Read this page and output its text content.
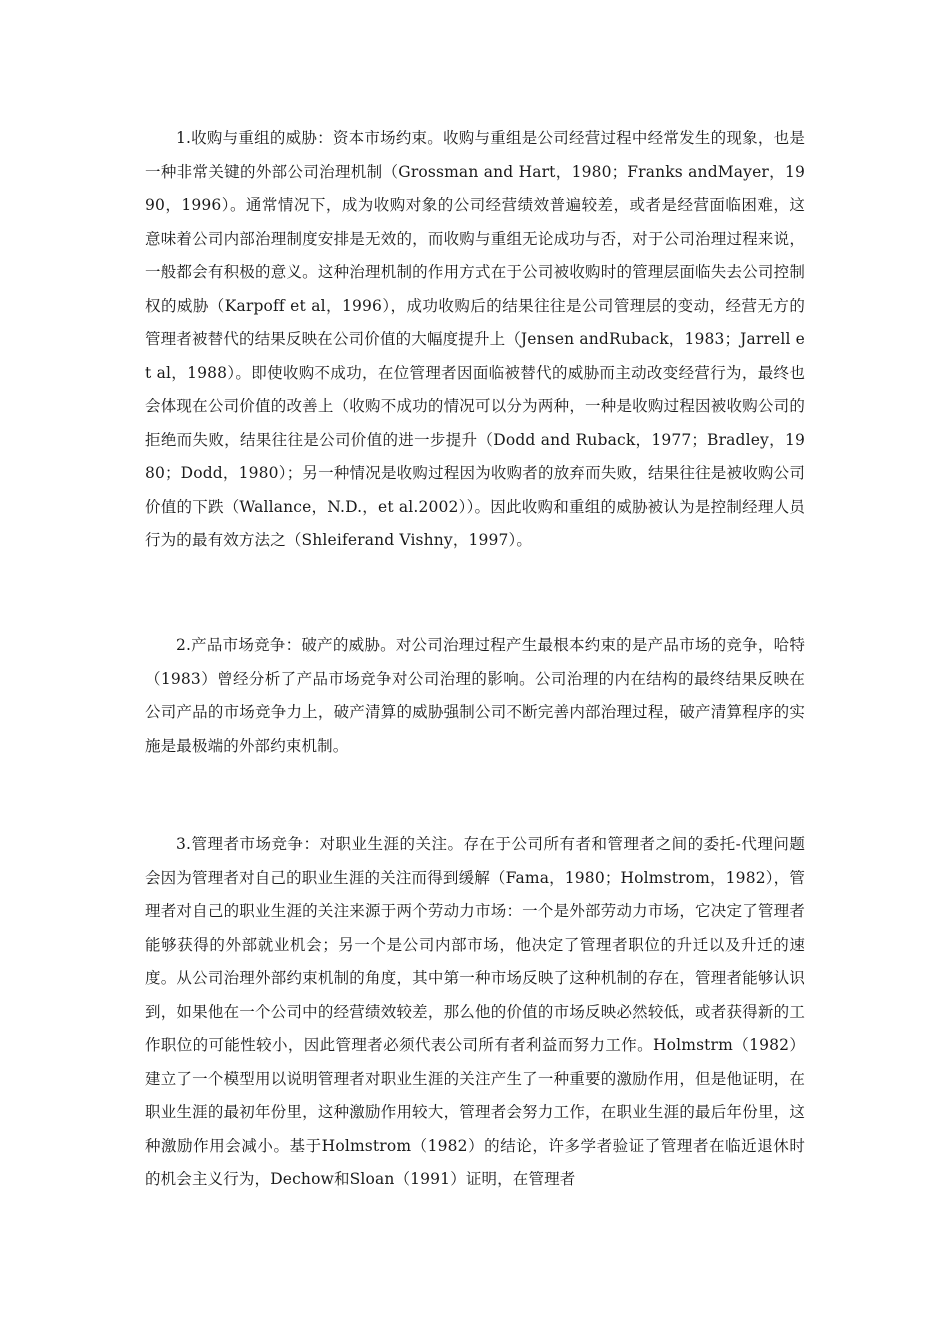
1.收购与重组的威胁：资本市场约束。收购与重组是公司经营过程中经常发生的现象，也是一种非常关键的外部公司治理机制（Grossman and Hart，1980；Franks andMayer，1990，1996）。通常情况下，成为收购对象的公司经营绩效普遍较差，或者是经营面临困难，这意味着公司内部治理制度安排是无效的，而收购与重组无论成功与否，对于公司治理过程来说，一般都会有积极的意义。这种治理机制的作用方式在于公司被收购时的管理层面临失去公司控制权的威胁（Karpoff et al，1996），成功收购后的结果往往是公司管理层的变动，经营无方的管理者被替代的结果反映在公司价值的大幅度提升上（Jensen andRuback，1983；Jarrell et al，1988）。即使收购不成功，在位管理者因面临被替代的威胁而主动改变经营行为，最终也会体现在公司价值的改善上（收购不成功的情况可以分为两种，一种是收购过程因被收购公司的拒绝而失败，结果往往是公司价值的进一步提升（Dodd and Ruback，1977；Bradley，1980；Dodd，1980）；另一种情况是收购过程因为收购者的放弃而失败，结果往往是被收购公司价值的下跌（Wallance，N.D.，et al.2002））。因此收购和重组的威胁被认为是控制经理人员行为的最有效方法之（Shleiferand Vishny，1997）。
2.产品市场竞争：破产的威胁。对公司治理过程产生最根本约束的是产品市场的竞争，哈特（1983）曾经分析了产品市场竞争对公司治理的影响。公司治理的内在结构的最终结果反映在公司产品的市场竞争力上，破产清算的威胁强制公司不断完善内部治理过程，破产清算程序的实施是最极端的外部约束机制。
3.管理者市场竞争：对职业生涯的关注。存在于公司所有者和管理者之间的委托-代理问题会因为管理者对自己的职业生涯的关注而得到缓解（Fama，1980；Holmstrom，1982），管理者对自己的职业生涯的关注来源于两个劳动力市场：一个是外部劳动力市场，它决定了管理者能够获得的外部就业机会；另一个是公司内部市场，他决定了管理者职位的升迁以及升迁的速度。从公司治理外部约束机制的角度，其中第一种市场反映了这种机制的存在，管理者能够认识到，如果他在一个公司中的经营绩效较差，那么他的价值的市场反映必然较低，或者获得新的工作职位的可能性较小，因此管理者必须代表公司所有者利益而努力工作。Holmstrm（1982）建立了一个模型用以说明管理者对职业生涯的关注产生了一种重要的激励作用，但是他证明，在职业生涯的最初年份里，这种激励作用较大，管理者会努力工作，在职业生涯的最后年份里，这种激励作用会减小。基于Holmstrom（1982）的结论，许多学者验证了管理者在临近退休时的机会主义行为，Dechow和Sloan（1991）证明，在管理者
